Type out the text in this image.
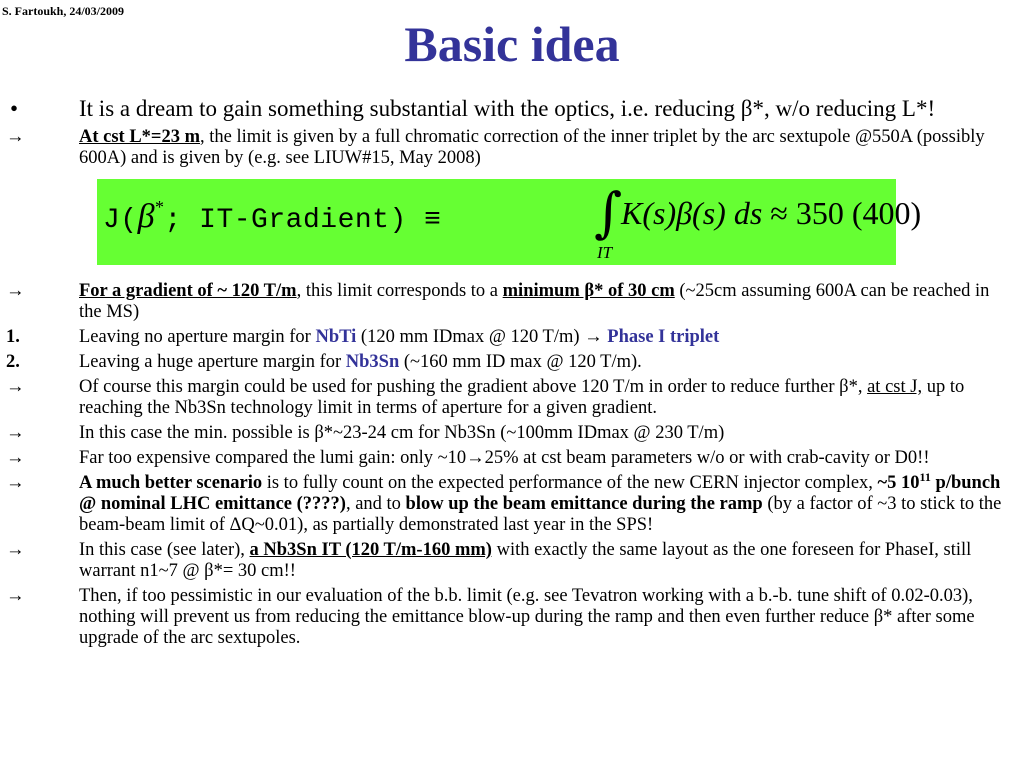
S. Fartoukh, 24/03/2009
Basic idea
•	It is a dream to gain something substantial with the optics, i.e. reducing β*, w/o reducing L*!
→	At cst L*=23 m, the limit is given by a full chromatic correction of the inner triplet by the arc sextupole @550A (possibly 600A) and is given by (e.g. see LIUW#15, May 2008)
J(β*; IT-Gradient) ≡	∫
IT
K(s)β(s) ds ≈ 350 (400)
→	For a gradient of ~ 120 T/m, this limit corresponds to a minimum β* of 30 cm (~25cm assuming 600A can be reached in the MS)
1.	Leaving no aperture margin for NbTi (120 mm IDmax @ 120 T/m) → Phase I triplet
2.	Leaving a huge aperture margin for Nb3Sn (~160 mm ID max @ 120 T/m).
→	Of course this margin could be used for pushing the gradient above 120 T/m in order to reduce further β*, at cst J, up to reaching the Nb3Sn technology limit in terms of aperture for a given gradient.
→	In this case the min. possible is β*~23-24 cm for Nb3Sn (~100mm IDmax @ 230 T/m)
→	Far too expensive compared the lumi gain: only ~10→25% at cst beam parameters w/o or with crab-cavity or D0!!
→	A much better scenario is to fully count on the expected performance of the new CERN injector complex, ~5 $10^{11}$ p/bunch @ nominal LHC emittance (????), and to blow up the beam emittance during the ramp (by a factor of ~3 to stick to the beam-beam limit of ΔQ~0.01), as partially demonstrated last year in the SPS!
→	In this case (see later), a Nb3Sn IT (120 T/m-160 mm) with exactly the same layout as the one foreseen for PhaseI, still warrant n1~7 @ β*= 30 cm!!
→	Then, if too pessimistic in our evaluation of the b.b. limit (e.g. see Tevatron working with a b.-b. tune shift of 0.02-0.03), nothing will prevent us from reducing the emittance blow-up during the ramp and then even further reduce β* after some upgrade of the arc sextupoles.
